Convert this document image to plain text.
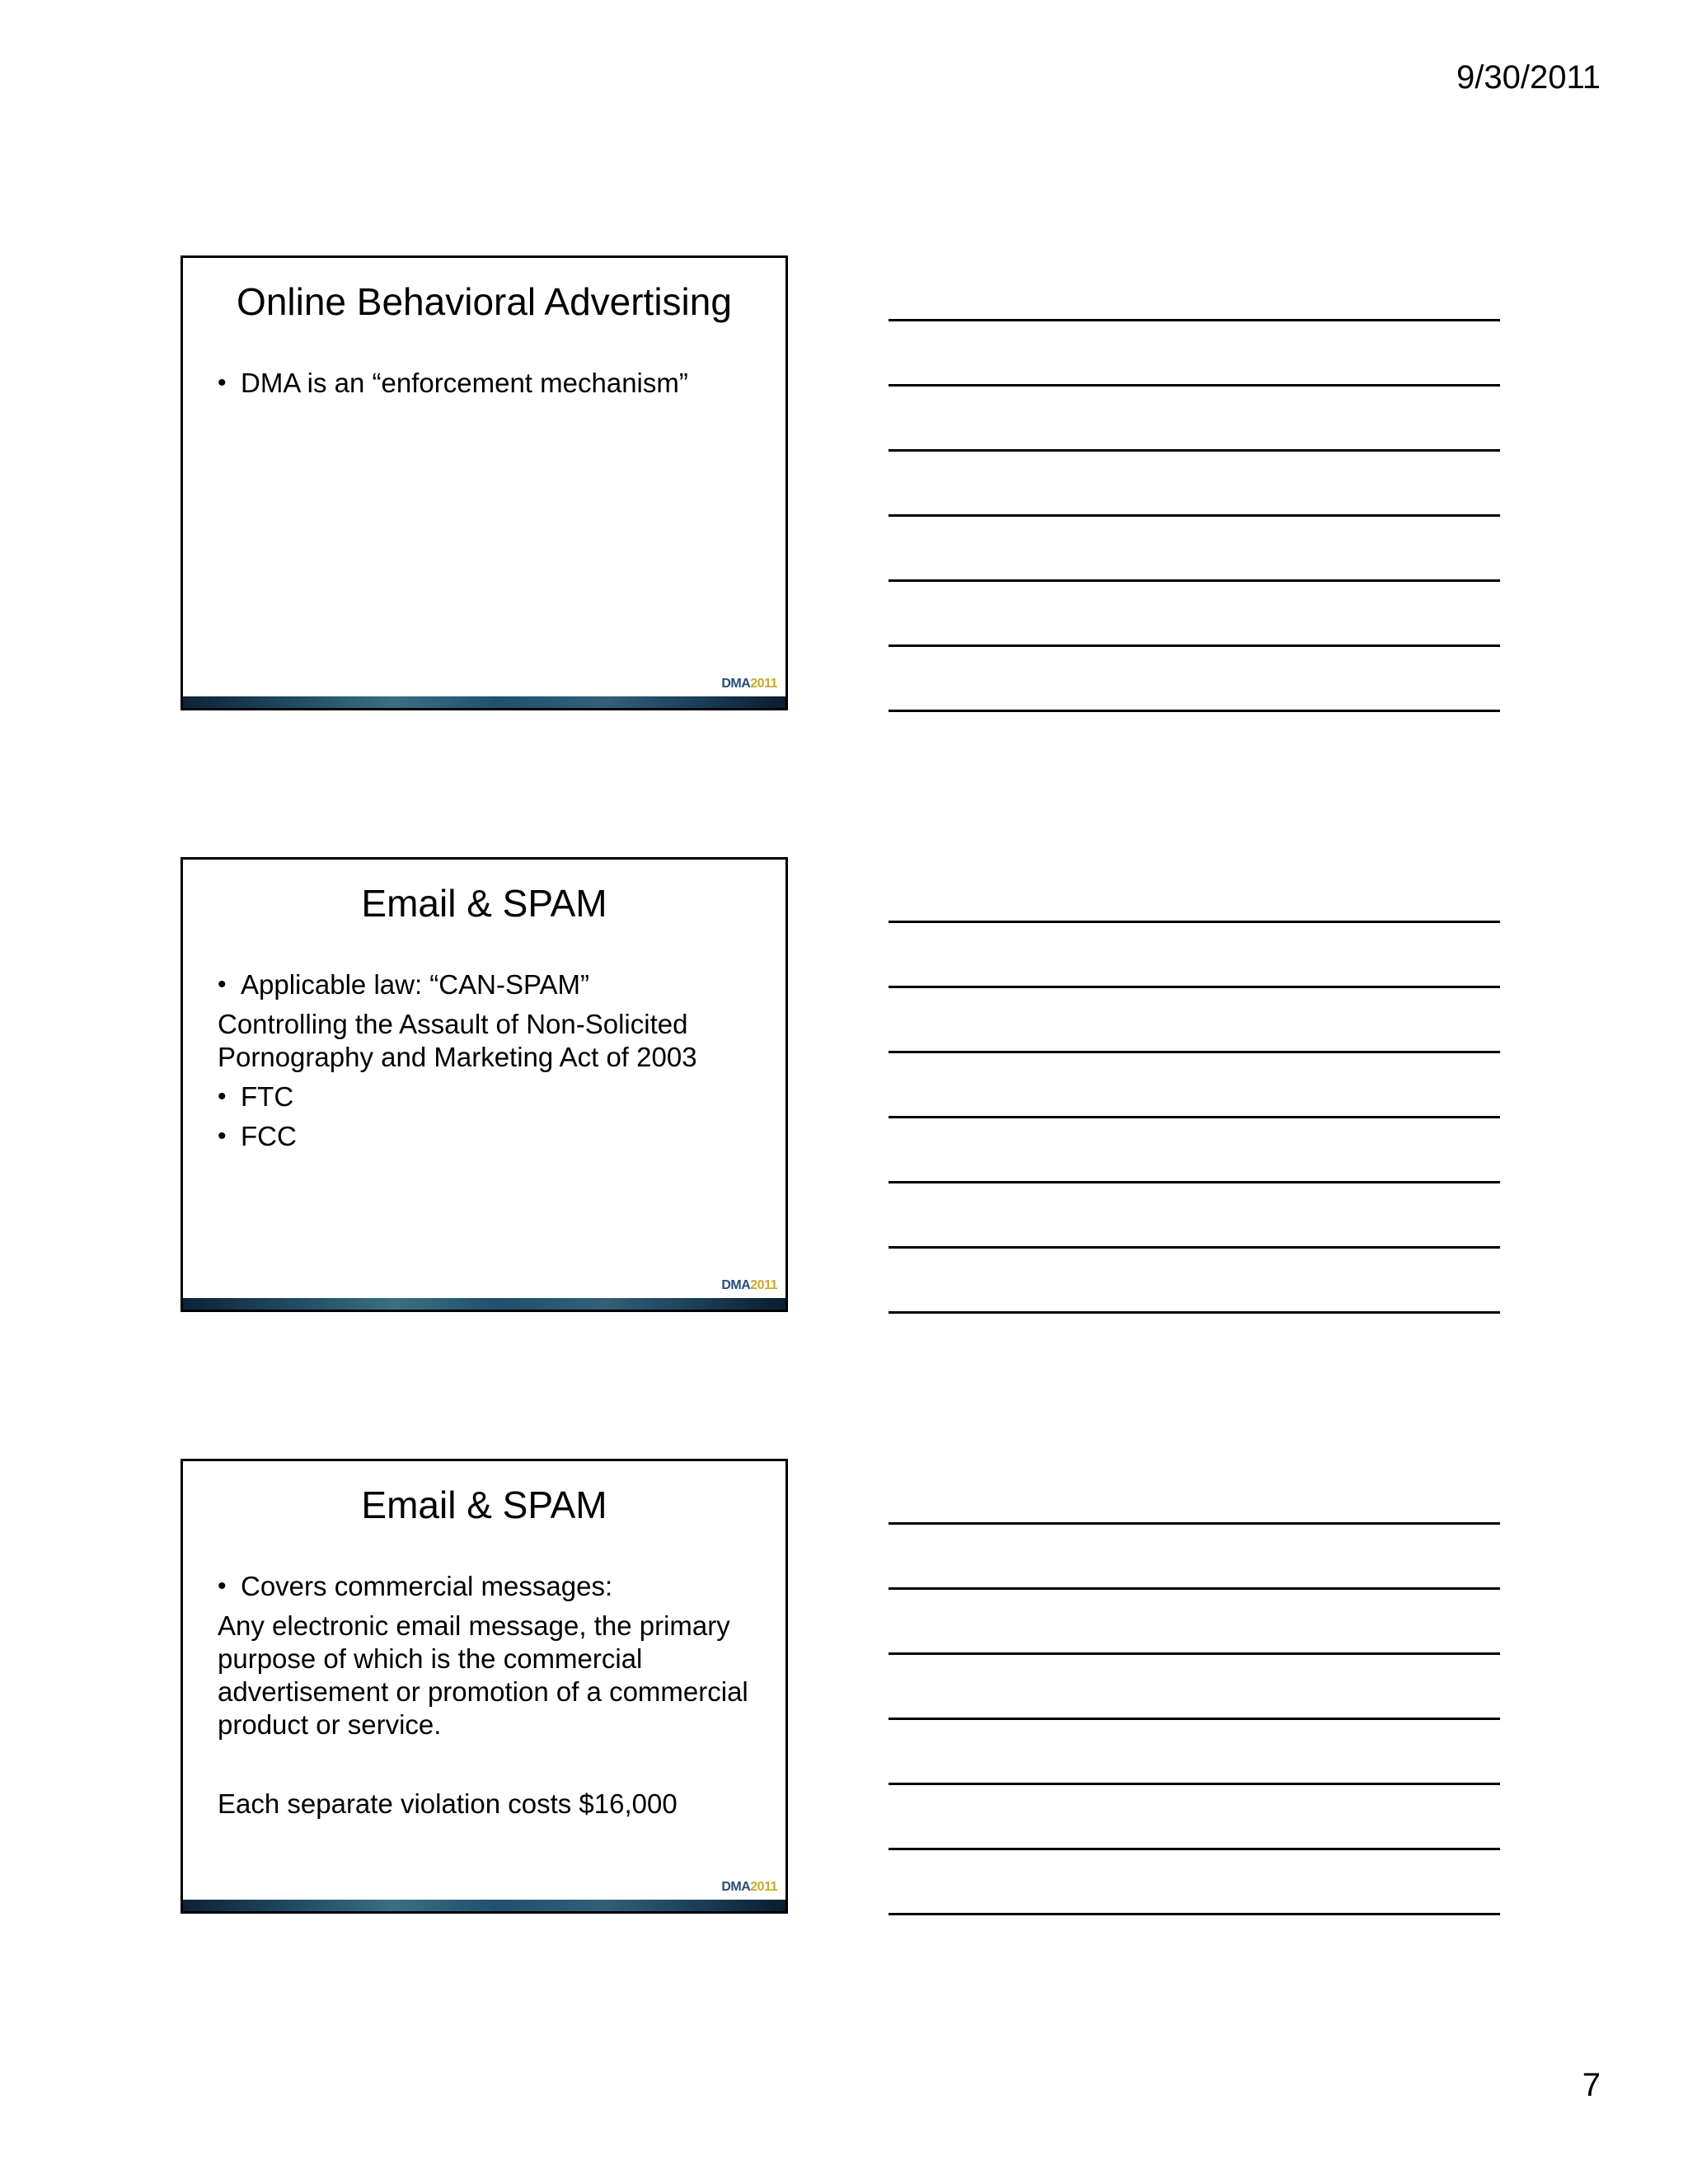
9/30/2011
Online Behavioral Advertising
• DMA is an “enforcement mechanism”
DMA2011
Email & SPAM
• Applicable law: “CAN-SPAM”
Controlling the Assault of Non-Solicited Pornography and Marketing Act of 2003
• FTC
• FCC
DMA2011
Email & SPAM
• Covers commercial messages:
Any electronic email message, the primary purpose of which is the commercial advertisement or promotion of a commercial product or service.
Each separate violation costs $16,000
DMA2011
7
